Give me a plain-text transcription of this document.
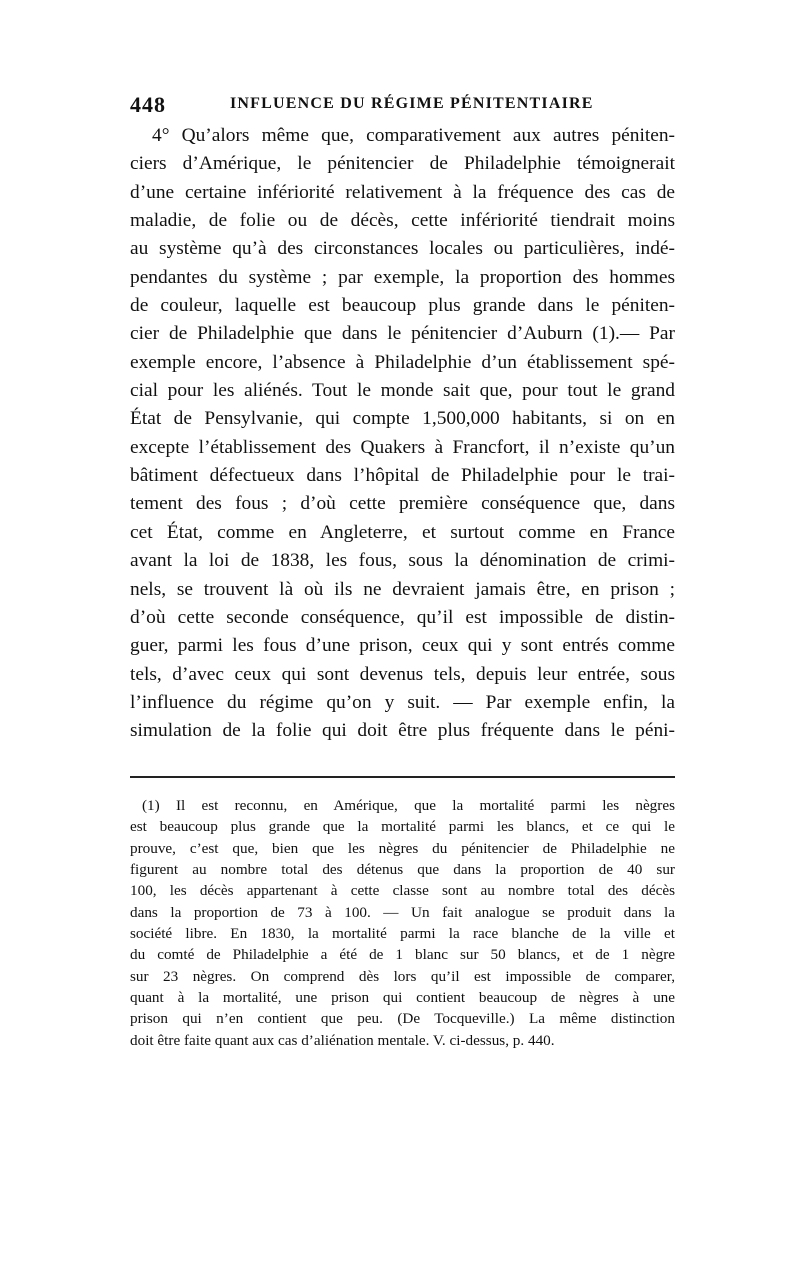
448	INFLUENCE DU RÉGIME PÉNITENTIAIRE
4° Qu’alors même que, comparativement aux autres péniten-
ciers d’Amérique, le pénitencier de Philadelphie témoignerait
d’une certaine infériorité relativement à la fréquence des cas de
maladie, de folie ou de décès, cette infériorité tiendrait moins
au système qu’à des circonstances locales ou particulières, indé-
pendantes du système ; par exemple, la proportion des hommes
de couleur, laquelle est beaucoup plus grande dans le péniten-
cier de Philadelphie que dans le pénitencier d’Auburn (1).— Par
exemple encore, l’absence à Philadelphie d’un établissement spé-
cial pour les aliénés. Tout le monde sait que, pour tout le grand
État de Pensylvanie, qui compte 1,500,000 habitants, si on en
excepte l’établissement des Quakers à Francfort, il n’existe qu’un
bâtiment défectueux dans l’hôpital de Philadelphie pour le trai-
tement des fous ; d’où cette première conséquence que, dans
cet État, comme en Angleterre, et surtout comme en France
avant la loi de 1838, les fous, sous la dénomination de crimi-
nels, se trouvent là où ils ne devraient jamais être, en prison ;
d’où cette seconde conséquence, qu’il est impossible de distin-
guer, parmi les fous d’une prison, ceux qui y sont entrés comme
tels, d’avec ceux qui sont devenus tels, depuis leur entrée, sous
l’influence du régime qu’on y suit. — Par exemple enfin, la
simulation de la folie qui doit être plus fréquente dans le péni-
(1) Il est reconnu, en Amérique, que la mortalité parmi les nègres
est beaucoup plus grande que la mortalité parmi les blancs, et ce qui le
prouve, c’est que, bien que les nègres du pénitencier de Philadelphie ne
figurent au nombre total des détenus que dans la proportion de 40 sur
100, les décès appartenant à cette classe sont au nombre total des décès
dans la proportion de 73 à 100. — Un fait analogue se produit dans la
société libre. En 1830, la mortalité parmi la race blanche de la ville et
du comté de Philadelphie a été de 1 blanc sur 50 blancs, et de 1 nègre
sur 23 nègres. On comprend dès lors qu’il est impossible de comparer,
quant à la mortalité, une prison qui contient beaucoup de nègres à une
prison qui n’en contient que peu. (De Tocqueville.) La même distinction
doit être faite quant aux cas d’aliénation mentale. V. ci-dessus, p. 440.
